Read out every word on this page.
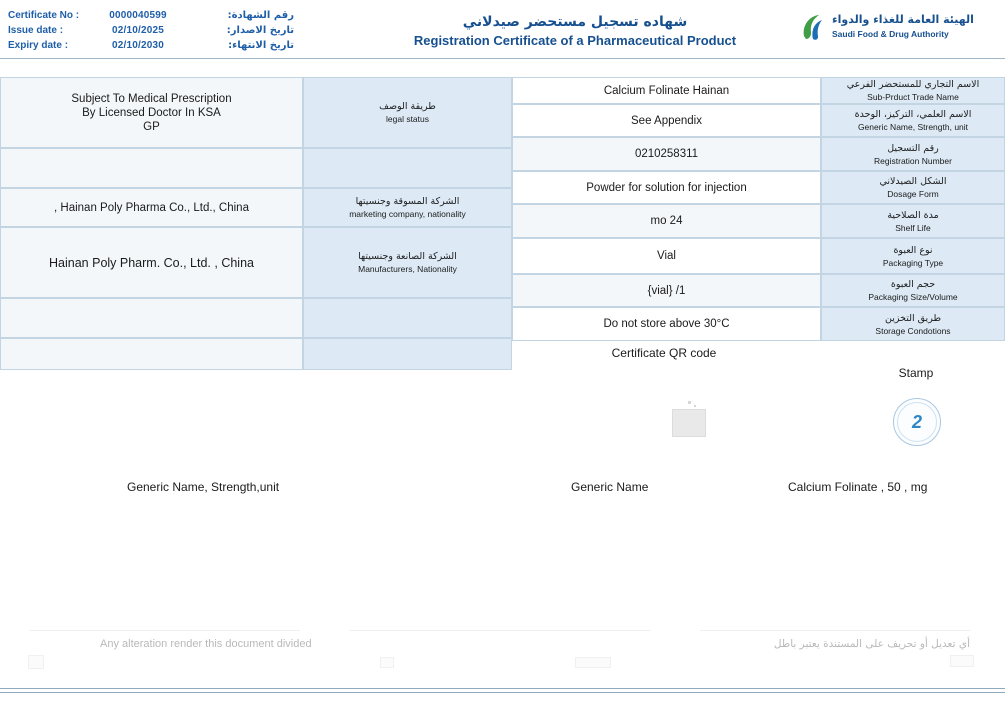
Certificate No :	0000040599	رقم الشهادة:
Issue date :	02/10/2025	تاريخ الاصدار:
Expiry date :	02/10/2030	تاريخ الانتهاء:
شهاده تسجيل مستحضر صيدلاني
Registration Certificate of a Pharmaceutical Product
الهيئة العامة للغذاء والدواء
Saudi Food & Drug Authority
Subject To Medical Prescription
By Licensed Doctor In KSA
GP
طريقة الوصف
legal status
, Hainan Poly Pharma Co., Ltd., China	الشركة المسوقة وجنسيتها
marketing company, nationality
Hainan Poly Pharm. Co., Ltd. , China	الشركة الصانعة وجنسيتها
Manufacturers, Nationality

Calcium Folinate Hainan	الاسم التجاري للمستحضر الفرعي
Sub-Prduct Trade Name
See Appendix	الاسم العلمي، التركيز، الوحدة
Generic Name, Strength, unit
0210258311	رقم التسجيل
Registration Number
Powder for solution for injection	الشكل الصيدلاني
Dosage Form
mo 24	مدة الصلاحية
Shelf Life
Vial	نوع العبوة
Packaging Type
{vial} /1	حجم العبوة
Packaging Size/Volume
Do not store above 30°C	طريق التخزين
Storage Condotions
Certificate QR code
Stamp
2
Generic Name, Strength,unit	Generic Name	Calcium Folinate , 50 , mg
Any alteration render this document divided	أي تعديل أو تحريف على المستندة يعتبر باطل
